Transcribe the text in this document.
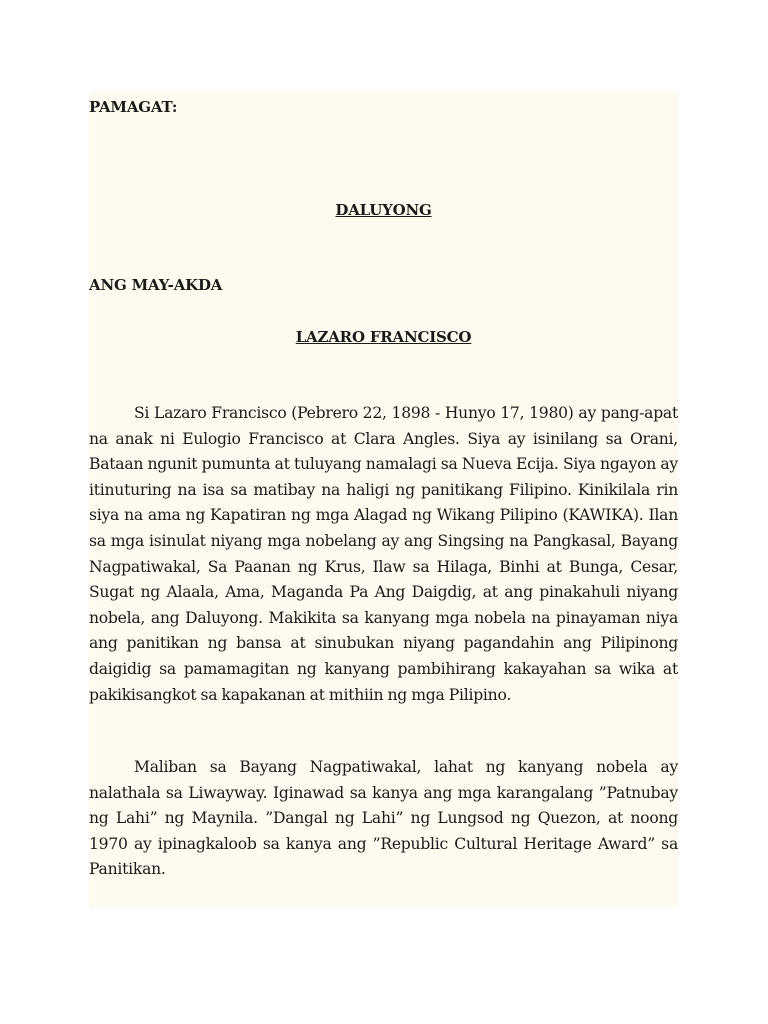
PAMAGAT:
DALUYONG
ANG MAY-AKDA
LAZARO FRANCISCO

Si Lazaro Francisco (Pebrero 22, 1898 - Hunyo 17, 1980) ay pang-apat na anak ni Eulogio Francisco at Clara Angles. Siya ay isinilang sa Orani, Bataan ngunit pumunta at tuluyang namalagi sa Nueva Ecija. Siya ngayon ay itinuturing na isa sa matibay na haligi ng panitikang Filipino. Kinikilala rin siya na ama ng Kapatiran ng mga Alagad ng Wikang Pilipino (KAWIKA). Ilan sa mga isinulat niyang mga nobelang ay ang Singsing na Pangkasal, Bayang Nagpatiwakal, Sa Paanan ng Krus, Ilaw sa Hilaga, Binhi at Bunga, Cesar, Sugat ng Alaala, Ama, Maganda Pa Ang Daigdig, at ang pinakahuli niyang nobela, ang Daluyong. Makikita sa kanyang mga nobela na pinayaman niya ang panitikan ng bansa at sinubukan niyang pagandahin ang Pilipinong daigidig sa pamamagitan ng kanyang pambihirang kakayahan sa wika at pakikisangkot sa kapakanan at mithiin ng mga Pilipino.

Maliban sa Bayang Nagpatiwakal, lahat ng kanyang nobela ay nalathala sa Liwayway. Iginawad sa kanya ang mga karangalang ”Patnubay ng Lahi” ng Maynila. ”Dangal ng Lahi” ng Lungsod ng Quezon, at noong 1970 ay ipinagkaloob sa kanya ang ”Republic Cultural Heritage Award” sa Panitikan.
